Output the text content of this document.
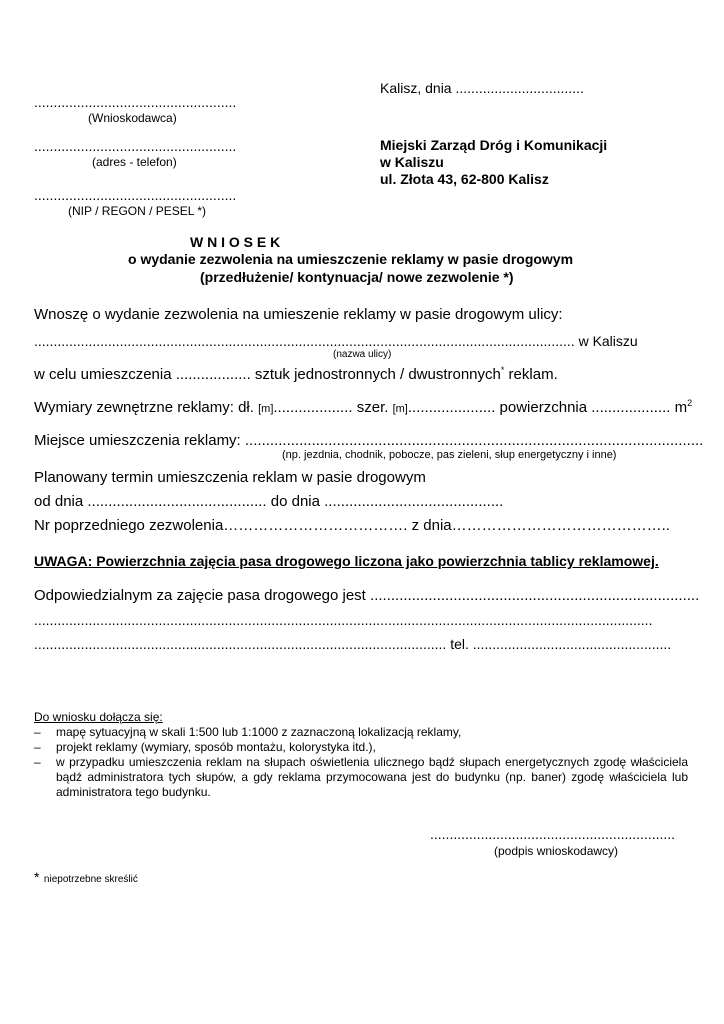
Kalisz, dnia .................................
....................................................
(Wnioskodawca)
....................................................
(adres - telefon)
....................................................
(NIP / REGON / PESEL *)
Miejski Zarząd Dróg i Komunikacji
w Kaliszu
ul. Złota 43, 62-800 Kalisz
W N I O S E K
o wydanie zezwolenia na umieszczenie reklamy w pasie drogowym
(przedłużenie/ kontynuacja/ nowe zezwolenie *)
Wnoszę o wydanie zezwolenia na umieszenie reklamy w pasie drogowym ulicy:
........................................................................................................................................... w Kaliszu
(nazwa ulicy)
w celu umieszczenia .................. sztuk jednostronnych / dwustronnych* reklam.
Wymiary zewnętrzne reklamy: dł. [m]................... szer. [m]..................... powierzchnia ................... $m^2$
Miejsce umieszczenia reklamy: ..............................................................................................................
(np. jezdnia, chodnik, pobocze, pas zieleni, słup energetyczny i inne)
Planowany termin umieszczenia reklam w pasie drogowym
od dnia ........................................... do dnia ...........................................
Nr poprzedniego zezwolenia………………………………. z dnia……………………………………..
UWAGA: Powierzchnia zajęcia pasa drogowego liczona jako powierzchnia tablicy reklamowej.
Odpowiedzialnym za zajęcie pasa drogowego jest ...............................................................................
...............................................................................................................................................................
.......................................................................................................... tel. ...................................................
Do wniosku dołącza się:
– mapę sytuacyjną w skali 1:500 lub 1:1000 z zaznaczoną lokalizacją reklamy,
– projekt reklamy (wymiary, sposób montażu, kolorystyka itd.),
– w przypadku umieszczenia reklam na słupach oświetlenia ulicznego bądź słupach energetycznych zgodę właściciela bądź administratora tych słupów, a gdy reklama przymocowana jest do budynku (np. baner) zgodę właściciela lub administratora tego budynku.
...............................................................
(podpis wnioskodawcy)
* niepotrzebne skreślić
